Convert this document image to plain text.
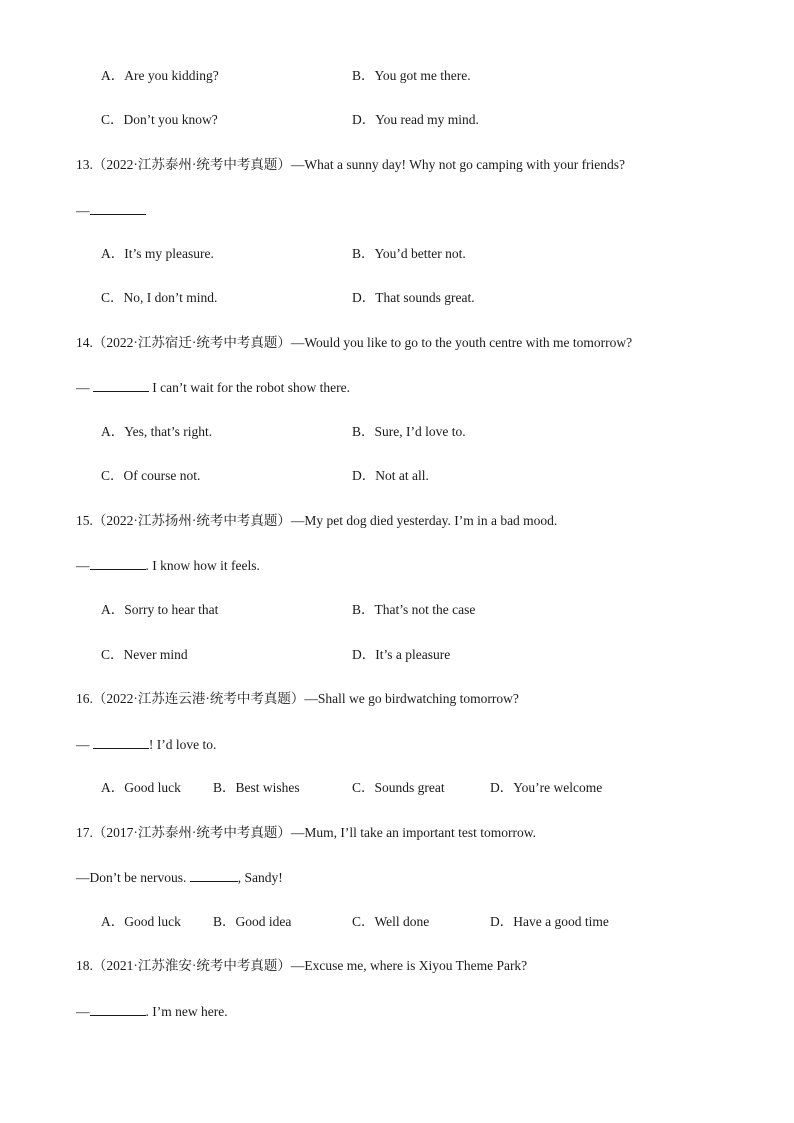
A．Are you kidding?	B．You got me there.
C．Don’t you know?	D．You read my mind.
13.（2022·江苏泰州·统考中考真题）—What a sunny day! Why not go camping with your friends?
—
A．It’s my pleasure.	B．You’d better not.
C．No, I don’t mind.	D．That sounds great.
14.（2022·江苏宿迁·统考中考真题）—Would you like to go to the youth centre with me tomorrow?
—	I can’t wait for the robot show there.
A．Yes, that’s right.	B．Sure, I’d love to.
C．Of course not.	D．Not at all.
15.（2022·江苏扬州·统考中考真题）—My pet dog died yesterday. I’m in a bad mood.
—	. I know how it feels.
A．Sorry to hear that	B．That’s not the case
C．Never mind	D．It’s a pleasure
16.（2022·江苏连云港·统考中考真题）—Shall we go birdwatching tomorrow?
—	! I’d love to.
A．Good luck B．Best wishes	C．Sounds great	D．You’re welcome
17.（2017·江苏泰州·统考中考真题）—Mum, I’ll take an important test tomorrow.
—Don’t be nervous.	, Sandy!
A．Good luck B．Good idea	C．Well done	D．Have a good time
18.（2021·江苏淮安·统考中考真题）—Excuse me, where is Xiyou Theme Park?
—	. I’m new here.
